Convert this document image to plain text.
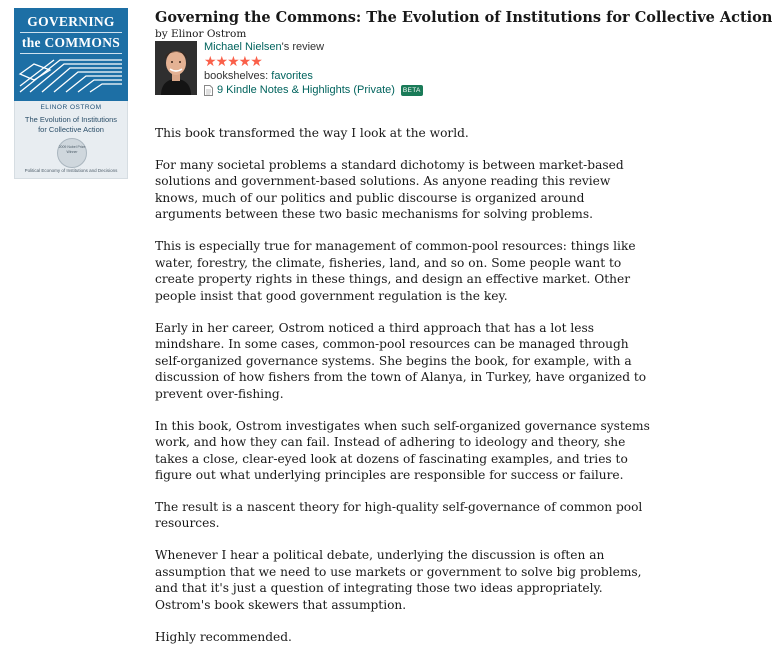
GOVERNING
the COMMONS
ELINOR OSTROM
The Evolution of Institutions for Collective Action
2009 Nobel Prize Winner
Political Economy of Institutions and Decisions
Governing the Commons: The Evolution of Institutions for Collective Action
by Elinor Ostrom
Michael Nielsen's review
★★★★★
bookshelves: favorites
9 Kindle Notes & Highlights (Private)	BETA

This book transformed the way I look at the world.

For many societal problems a standard dichotomy is between market-based solutions and government-based solutions. As anyone reading this review knows, much of our politics and public discourse is organized around arguments between these two basic mechanisms for solving problems.

This is especially true for management of common-pool resources: things like water, forestry, the climate, fisheries, land, and so on. Some people want to create property rights in these things, and design an effective market. Other people insist that good government regulation is the key.

Early in her career, Ostrom noticed a third approach that has a lot less mindshare. In some cases, common-pool resources can be managed through self-organized governance systems. She begins the book, for example, with a discussion of how fishers from the town of Alanya, in Turkey, have organized to prevent over-fishing.

In this book, Ostrom investigates when such self-organized governance systems work, and how they can fail. Instead of adhering to ideology and theory, she takes a close, clear-eyed look at dozens of fascinating examples, and tries to figure out what underlying principles are responsible for success or failure.

The result is a nascent theory for high-quality self-governance of common pool resources.

Whenever I hear a political debate, underlying the discussion is often an assumption that we need to use markets or government to solve big problems, and that it's just a question of integrating those two ideas appropriately. Ostrom's book skewers that assumption.

Highly recommended.
